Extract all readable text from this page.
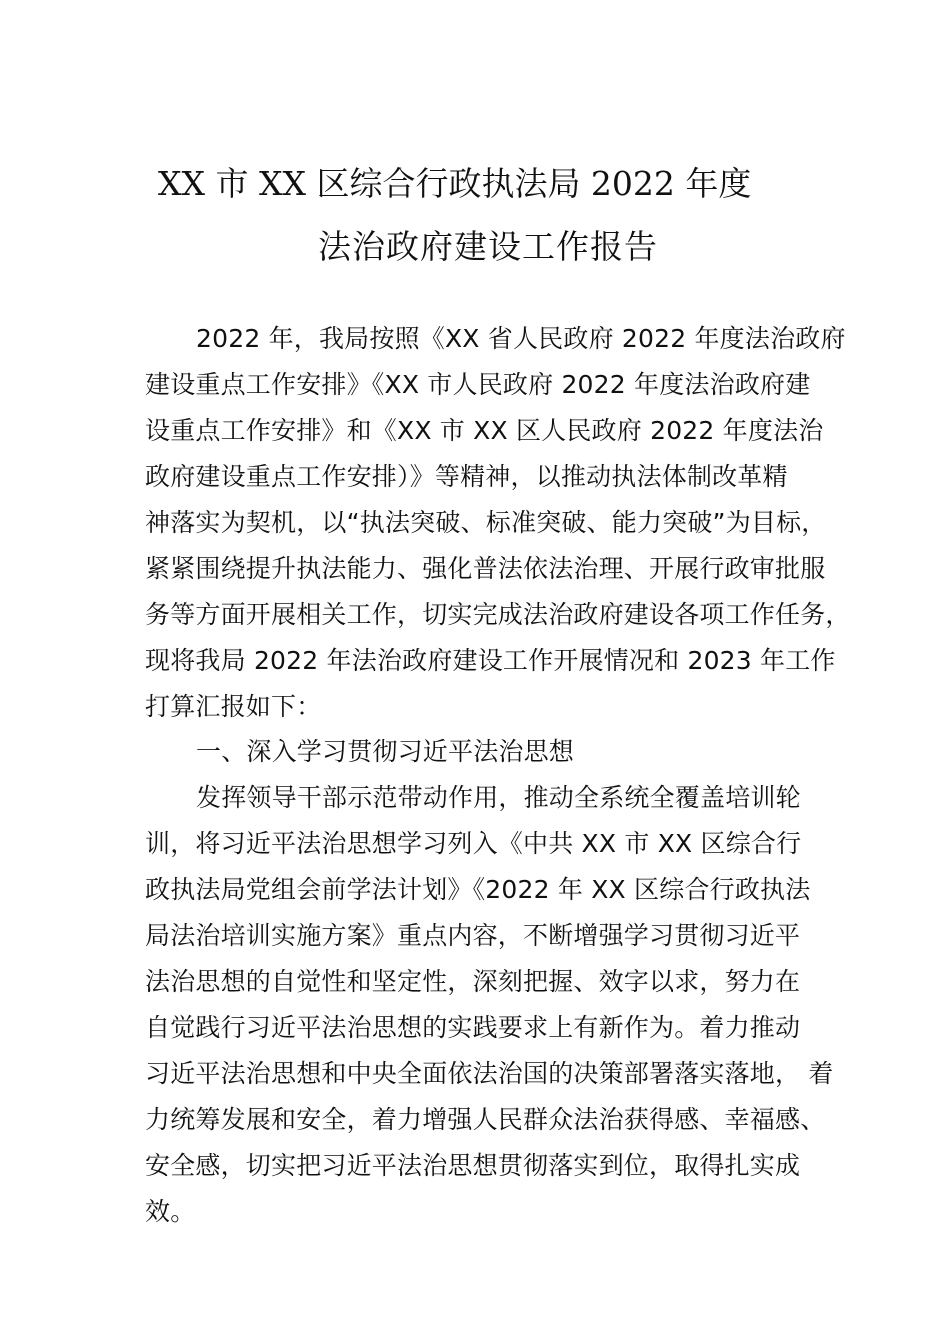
XX 市 XX 区综合行政执法局 2022 年度
法治政府建设工作报告
2022 年，我局按照《XX 省人民政府 2022 年度法治政府
建设重点工作安排》《XX 市人民政府 2022 年度法治政府建
设重点工作安排》和《XX 市 XX 区人民政府 2022 年度法治
政府建设重点工作安排）》等精神，以推动执法体制改革精
神落实为契机，以“执法突破、标准突破、能力突破”为目标，
紧紧围绕提升执法能力、强化普法依法治理、开展行政审批服
务等方面开展相关工作，切实完成法治政府建设各项工作任务，
现将我局 2022 年法治政府建设工作开展情况和 2023 年工作
打算汇报如下：
一、深入学习贯彻习近平法治思想
发挥领导干部示范带动作用，推动全系统全覆盖培训轮
训，将习近平法治思想学习列入《中共 XX 市 XX 区综合行
政执法局党组会前学法计划》《2022 年 XX 区综合行政执法
局法治培训实施方案》重点内容，不断增强学习贯彻习近平
法治思想的自觉性和坚定性，深刻把握、效字以求，努力在
自觉践行习近平法治思想的实践要求上有新作为。着力推动
习近平法治思想和中央全面依法治国的决策部署落实落地， 着
力统筹发展和安全，着力增强人民群众法治获得感、幸福感、
安全感，切实把习近平法治思想贯彻落实到位，取得扎实成
效。
